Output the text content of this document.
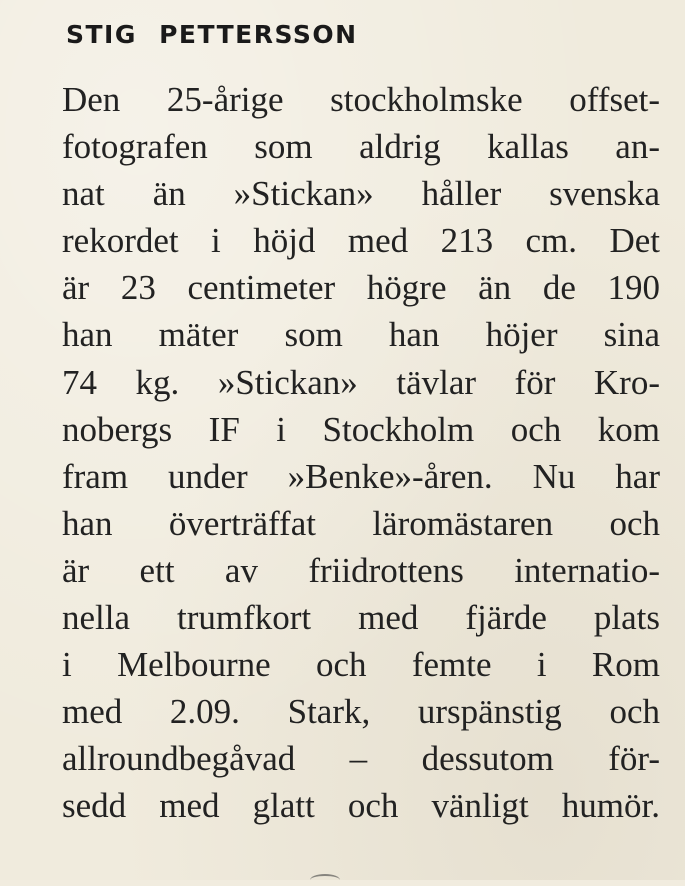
STIG PETTERSSON
Den 25-årige stockholmske offset-
fotografen som aldrig kallas an-
nat än »Stickan» håller svenska
rekordet i höjd med 213 cm. Det
är 23 centimeter högre än de 190
han mäter som han höjer sina
74 kg. »Stickan» tävlar för Kro-
nobergs IF i Stockholm och kom
fram under »Benke»-åren. Nu har
han överträffat läromästaren och
är ett av friidrottens internatio-
nella trumfkort med fjärde plats
i Melbourne och femte i Rom
med 2.09. Stark, urspänstig och
allroundbegåvad – dessutom för-
sedd med glatt och vänligt humör.
